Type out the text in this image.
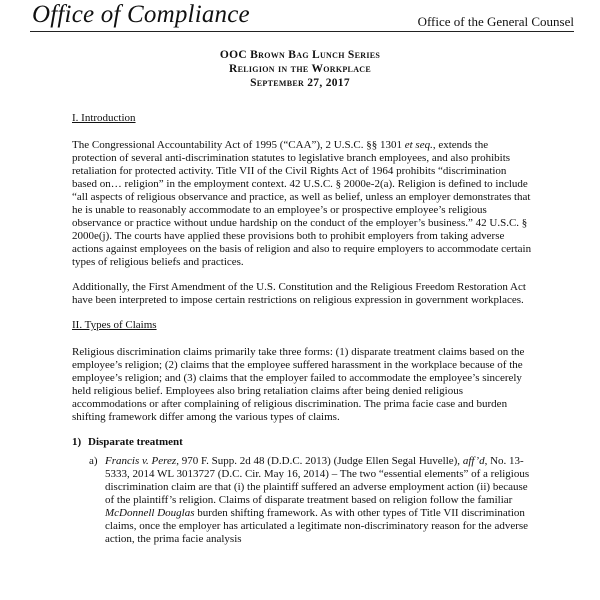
Office of Compliance	Office of the General Counsel
OOC Brown Bag Lunch Series
Religion in the Workplace
September 27, 2017
I. Introduction

The Congressional Accountability Act of 1995 (“CAA”), 2 U.S.C. §§ 1301 et seq., extends the protection of several anti-discrimination statutes to legislative branch employees, and also prohibits retaliation for protected activity. Title VII of the Civil Rights Act of 1964 prohibits “discrimination based on… religion” in the employment context. 42 U.S.C. § 2000e-2(a). Religion is defined to include “all aspects of religious observance and practice, as well as belief, unless an employer demonstrates that he is unable to reasonably accommodate to an employee’s or prospective employee’s religious observance or practice without undue hardship on the conduct of the employer’s business.” 42 U.S.C. § 2000e(j). The courts have applied these provisions both to prohibit employers from taking adverse actions against employees on the basis of religion and also to require employers to accommodate certain types of religious beliefs and practices.

Additionally, the First Amendment of the U.S. Constitution and the Religious Freedom Restoration Act have been interpreted to impose certain restrictions on religious expression in government workplaces.

II. Types of Claims

Religious discrimination claims primarily take three forms: (1) disparate treatment claims based on the employee’s religion; (2) claims that the employee suffered harassment in the workplace because of the employee’s religion; and (3) claims that the employer failed to accommodate the employee’s sincerely held religious belief. Employees also bring retaliation claims after being denied religious accommodations or after complaining of religious discrimination. The prima facie case and burden shifting framework differ among the various types of claims.

1) Disparate treatment
a) Francis v. Perez, 970 F. Supp. 2d 48 (D.D.C. 2013) (Judge Ellen Segal Huvelle), aff’d, No. 13-5333, 2014 WL 3013727 (D.C. Cir. May 16, 2014) – The two “essential elements” of a religious discrimination claim are that (i) the plaintiff suffered an adverse employment action (ii) because of the plaintiff’s religion. Claims of disparate treatment based on religion follow the familiar McDonnell Douglas burden shifting framework. As with other types of Title VII discrimination claims, once the employer has articulated a legitimate non-discriminatory reason for the adverse action, the prima facie analysis
